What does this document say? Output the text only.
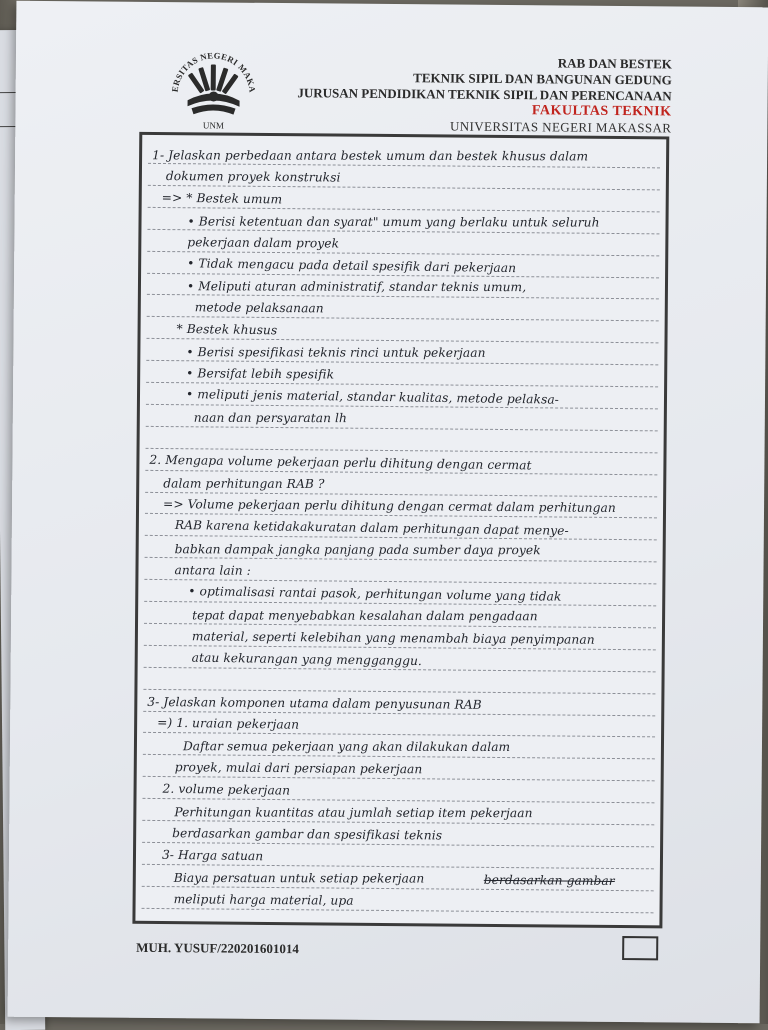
UNIVERSITAS NEGERI MAKASSAR
UNM
RAB DAN BESTEK
TEKNIK SIPIL DAN BANGUNAN GEDUNG
JURUSAN PENDIDIKAN TEKNIK SIPIL DAN PERENCANAAN
FAKULTAS TEKNIK
UNIVERSITAS NEGERI MAKASSAR
1- Jelaskan perbedaan antara bestek umum dan bestek khusus dalam
dokumen proyek konstruksi
=> * Bestek umum
• Berisi ketentuan dan syarat" umum yang berlaku untuk seluruh
pekerjaan dalam proyek
• Tidak mengacu pada detail spesifik dari pekerjaan
• Meliputi aturan administratif, standar teknis umum,
metode pelaksanaan
* Bestek khusus
• Berisi spesifikasi teknis rinci untuk pekerjaan
• Bersifat lebih spesifik
• meliputi jenis material, standar kualitas, metode pelaksa-
naan dan persyaratan lh
2. Mengapa volume pekerjaan perlu dihitung dengan cermat
dalam perhitungan RAB ?
=> Volume pekerjaan perlu dihitung dengan cermat dalam perhitungan
RAB karena ketidakakuratan dalam perhitungan dapat menye-
babkan dampak jangka panjang pada sumber daya proyek
antara lain :
• optimalisasi rantai pasok, perhitungan volume yang tidak
tepat dapat menyebabkan kesalahan dalam pengadaan
material, seperti kelebihan yang menambah biaya penyimpanan
atau kekurangan yang mengganggu.
3- Jelaskan komponen utama dalam penyusunan RAB
=) 1. uraian pekerjaan
Daftar semua pekerjaan yang akan dilakukan dalam
proyek, mulai dari persiapan pekerjaan
2. volume pekerjaan
Perhitungan kuantitas atau jumlah setiap item pekerjaan
berdasarkan gambar dan spesifikasi teknis
3- Harga satuan
Biaya persatuan untuk setiap pekerjaan
meliputi harga material, upa
berdasarkan gambar
MUH. YUSUF/220201601014
